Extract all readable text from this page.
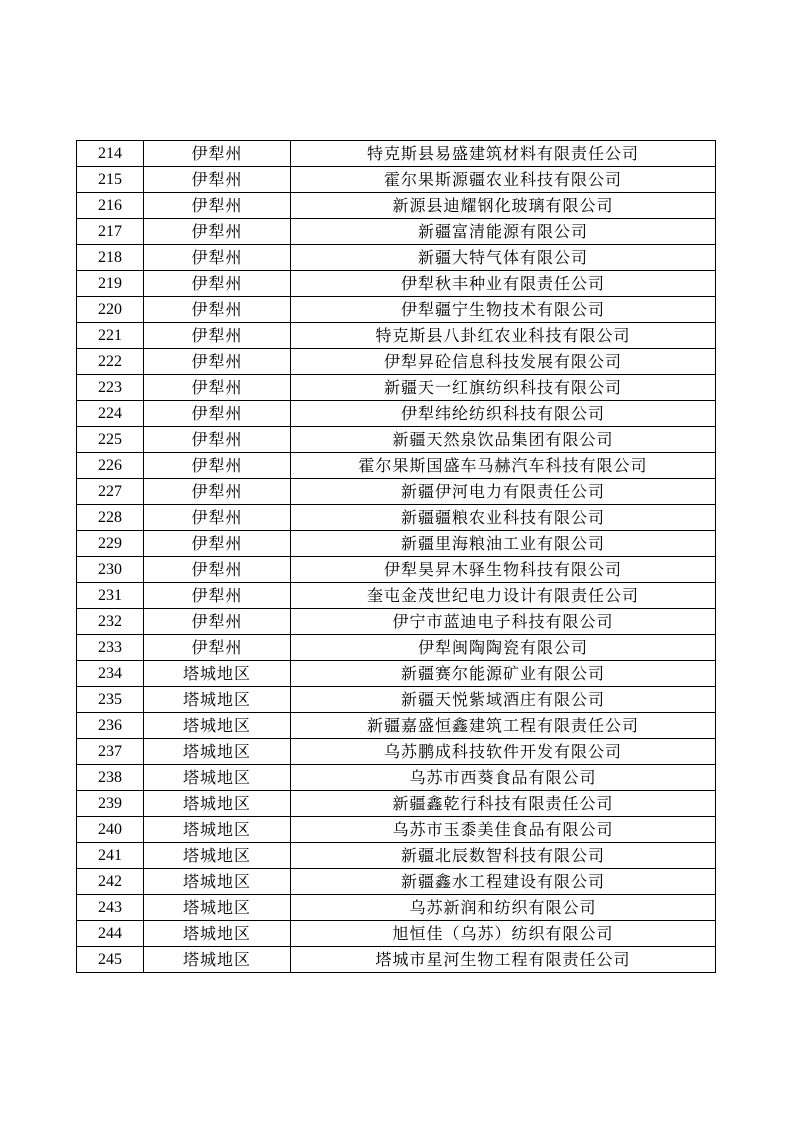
214	伊犁州	特克斯县易盛建筑材料有限责任公司
215	伊犁州	霍尔果斯源疆农业科技有限公司
216	伊犁州	新源县迪耀钢化玻璃有限公司
217	伊犁州	新疆富清能源有限公司
218	伊犁州	新疆大特气体有限公司
219	伊犁州	伊犁秋丰种业有限责任公司
220	伊犁州	伊犁疆宁生物技术有限公司
221	伊犁州	特克斯县八卦红农业科技有限公司
222	伊犁州	伊犁昇砼信息科技发展有限公司
223	伊犁州	新疆天一红旗纺织科技有限公司
224	伊犁州	伊犁纬纶纺织科技有限公司
225	伊犁州	新疆天然泉饮品集团有限公司
226	伊犁州	霍尔果斯国盛车马赫汽车科技有限公司
227	伊犁州	新疆伊河电力有限责任公司
228	伊犁州	新疆疆粮农业科技有限公司
229	伊犁州	新疆里海粮油工业有限公司
230	伊犁州	伊犁昊昇木驿生物科技有限公司
231	伊犁州	奎屯金茂世纪电力设计有限责任公司
232	伊犁州	伊宁市蓝迪电子科技有限公司
233	伊犁州	伊犁闽陶陶瓷有限公司
234	塔城地区	新疆赛尔能源矿业有限公司
235	塔城地区	新疆天悦紫域酒庄有限公司
236	塔城地区	新疆嘉盛恒鑫建筑工程有限责任公司
237	塔城地区	乌苏鹏成科技软件开发有限公司
238	塔城地区	乌苏市西葵食品有限公司
239	塔城地区	新疆鑫乾行科技有限责任公司
240	塔城地区	乌苏市玉黍美佳食品有限公司
241	塔城地区	新疆北辰数智科技有限公司
242	塔城地区	新疆鑫水工程建设有限公司
243	塔城地区	乌苏新润和纺织有限公司
244	塔城地区	旭恒佳（乌苏）纺织有限公司
245	塔城地区	塔城市星河生物工程有限责任公司
